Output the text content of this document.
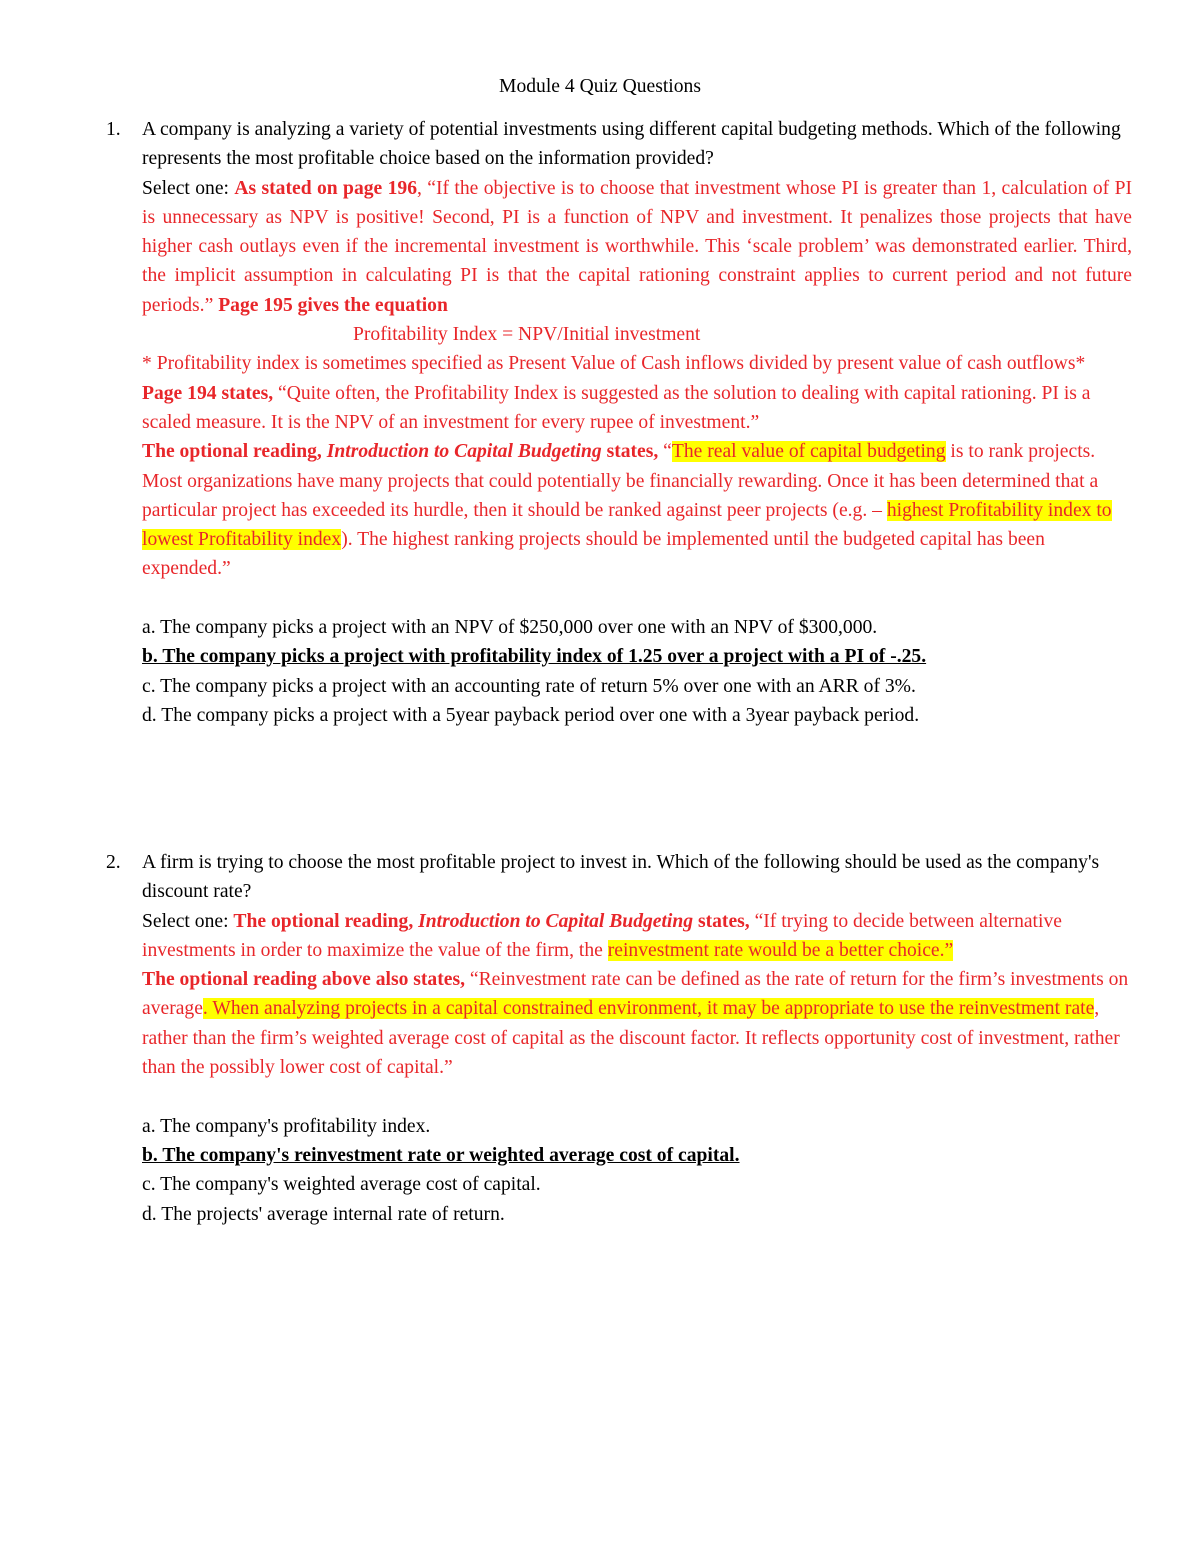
Module 4 Quiz Questions
1. A company is analyzing a variety of potential investments using different capital budgeting methods. Which of the following represents the most profitable choice based on the information provided?

Select one: As stated on page 196, “If the objective is to choose that investment whose PI is greater than 1, calculation of PI is unnecessary as NPV is positive! Second, PI is a function of NPV and investment. It penalizes those projects that have higher cash outlays even if the incremental investment is worthwhile. This ‘scale problem’ was demonstrated earlier. Third, the implicit assumption in calculating PI is that the capital rationing constraint applies to current period and not future periods.” Page 195 gives the equation

Profitability Index = NPV/Initial investment

* Profitability index is sometimes specified as Present Value of Cash inflows divided by present value of cash outflows*

Page 194 states, “Quite often, the Profitability Index is suggested as the solution to dealing with capital rationing. PI is a scaled measure. It is the NPV of an investment for every rupee of investment.”

The optional reading, Introduction to Capital Budgeting states, “The real value of capital budgeting is to rank projects. Most organizations have many projects that could potentially be financially rewarding. Once it has been determined that a particular project has exceeded its hurdle, then it should be ranked against peer projects (e.g. – highest Profitability index to lowest Profitability index). The highest ranking projects should be implemented until the budgeted capital has been expended.”

a. The company picks a project with an NPV of $250,000 over one with an NPV of $300,000.

b. The company picks a project with profitability index of 1.25 over a project with a PI of -.25.

c. The company picks a project with an accounting rate of return 5% over one with an ARR of 3%.

d. The company picks a project with a 5year payback period over one with a 3year payback period.

2. A firm is trying to choose the most profitable project to invest in. Which of the following should be used as the company's discount rate?

Select one: The optional reading, Introduction to Capital Budgeting states, “If trying to decide between alternative investments in order to maximize the value of the firm, the reinvestment rate would be a better choice.”

The optional reading above also states, “Reinvestment rate can be defined as the rate of return for the firm’s investments on average. When analyzing projects in a capital constrained environment, it may be appropriate to use the reinvestment rate, rather than the firm’s weighted average cost of capital as the discount factor. It reflects opportunity cost of investment, rather than the possibly lower cost of capital.”

a. The company's profitability index.

b. The company's reinvestment rate or weighted average cost of capital.

c. The company's weighted average cost of capital.

d. The projects' average internal rate of return.
